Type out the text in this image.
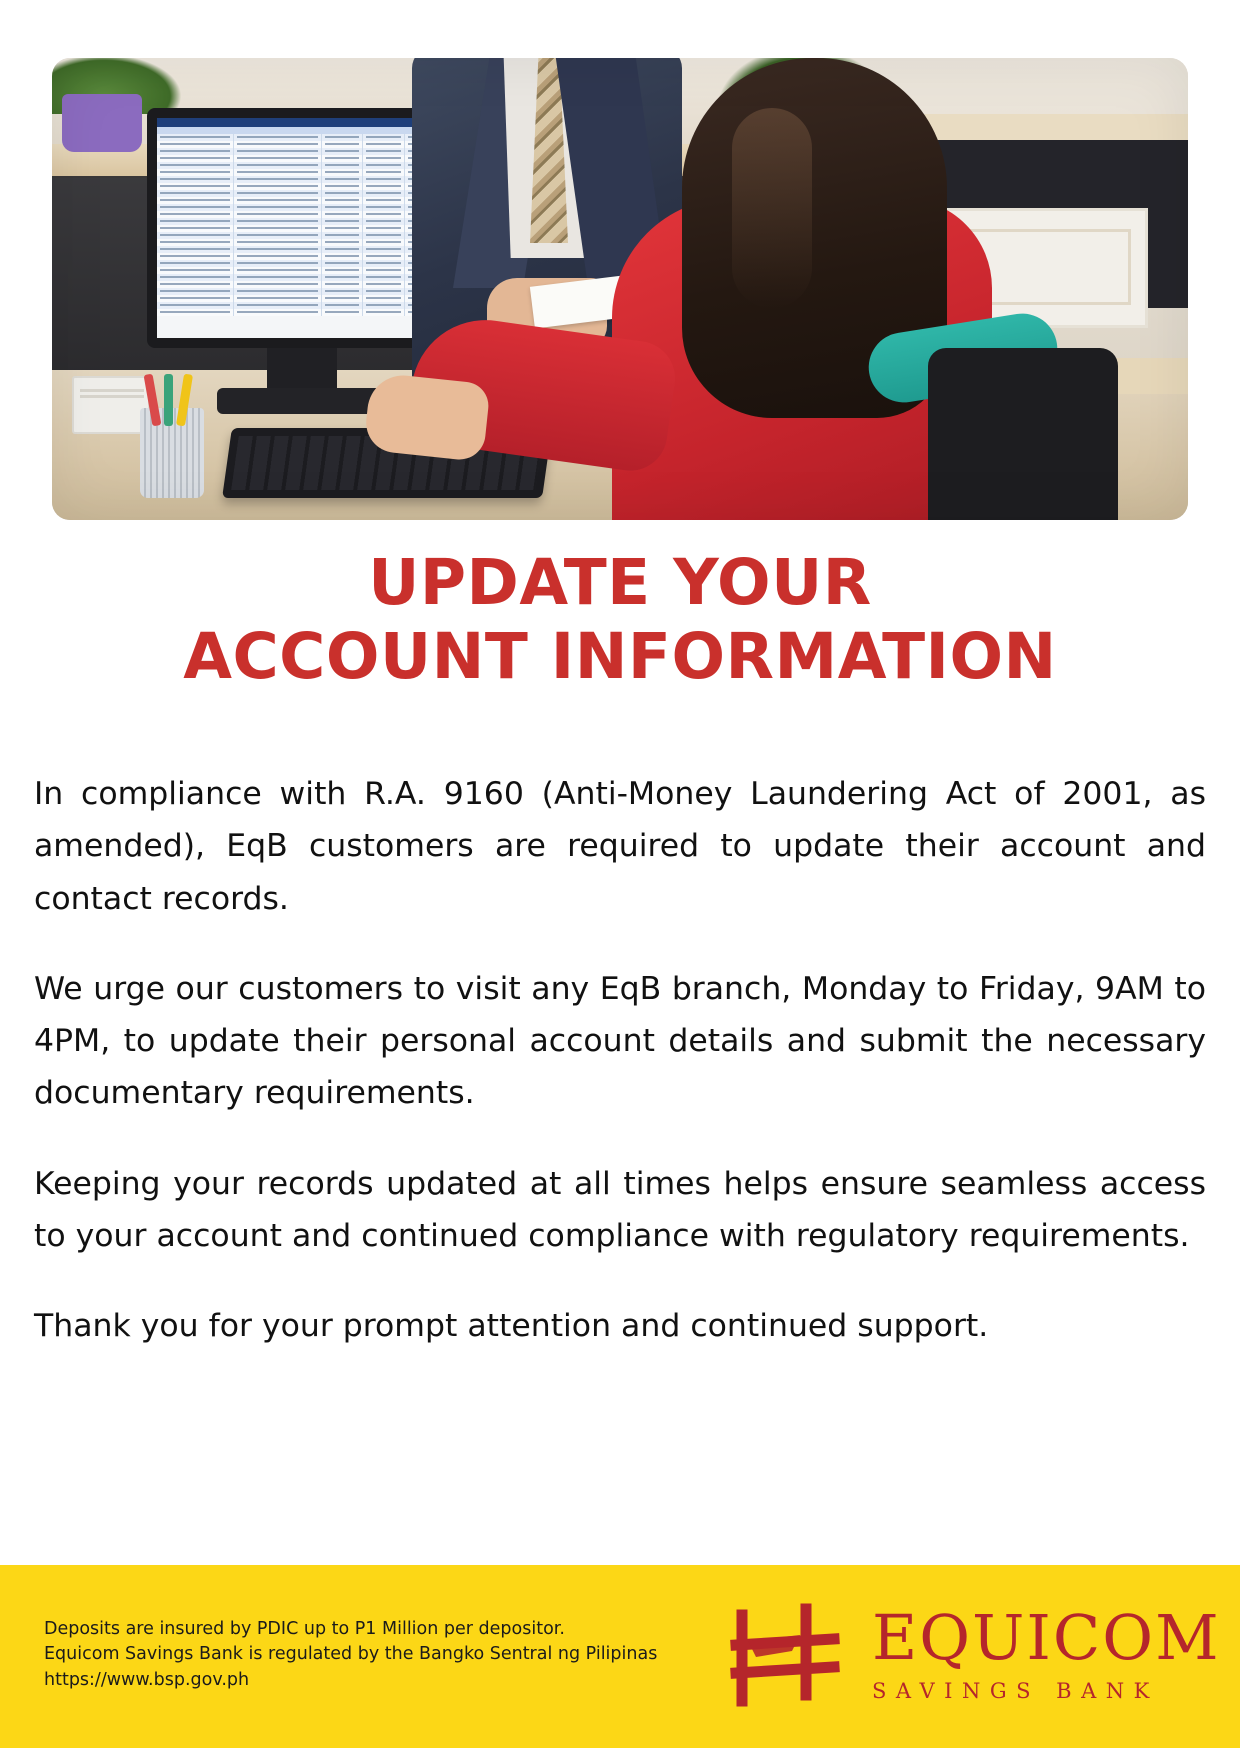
UPDATE YOUR
ACCOUNT INFORMATION

In compliance with R.A. 9160 (Anti-Money Laundering Act of 2001, as amended), EqB customers are required to update their account and contact records.

We urge our customers to visit any EqB branch, Monday to Friday, 9AM to 4PM, to update their personal account details and submit the necessary documentary requirements.

Keeping your records updated at all times helps ensure seamless access to your account and continued compliance with regulatory requirements.

Thank you for your prompt attention and continued support.

Deposits are insured by PDIC up to P1 Million per depositor.
Equicom Savings Bank is regulated by the Bangko Sentral ng Pilipinas
https://www.bsp.gov.ph
EQUICOM
SAVINGS BANK
